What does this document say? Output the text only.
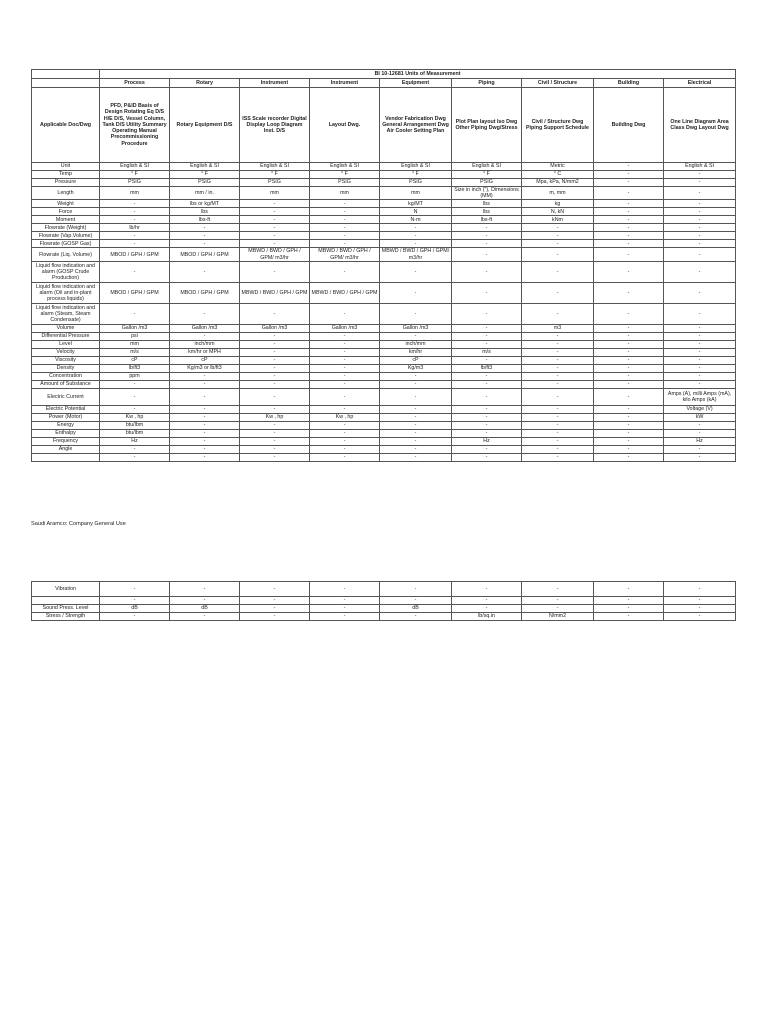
	BI 10-12681 Units of Measurement								
	Process	Rotary	Instrument	Instrument	Equipment	Piping	Civil / Structure	Building	Electrical
Applicable Doc/Dwg	PFD, P&ID Basis of Design Rotating Eq D/S H/E D/S, Vessel Column, Tank D/S Utility Summary Operating Manual Precommissioning Procedure	Rotary Equipment D/S	ISS Scale recorder Digital Display Loop Diagram Inst. D/S	Layout Dwg.	Vendor Fabrication Dwg General Arrangement Dwg Air Cooler Setting Plan	Plot Plan layout Iso Dwg Other Piping Dwg/Stress	Civil / Structure Dwg Piping Support Schedule	Building Dwg	One Line Diagram Area Class Dwg Layout Dwg
Unit	English & SI	English & SI	English & SI	English & SI	English & SI	English & SI	Metric	-	English & SI
Temp	° F	° F	° F	° F	° F	° F	° C	-	-
Pressure	PSIG	PSIG	PSIG	PSIG	PSIG	PSIG	Mpa, kPa, N/mm2	-	-
Length	mm	mm / in.	mm	mm	mm	Size in inch ("), Dimensions (MM)	m, mm	-	-
Weight	-	lbs or kg/MT	-	-	kg/MT	lbs	kg	-	-
Force	-	lbs	-	-	N	lbs	N, kN	-	-
Moment	-	lbs-ft	-	-	N-m	lbs-ft	kNm	-	-
Flowrate (Weight)	lb/hr	-	-	-	-	-	-	-	-
Flowrate (Vap.Volume)	-	-	-	-	-	-	-	-	-
Flowrate (GOSP Gas)	-	-	-	-	-	-	-	-	-
Flowrate (Liq. Volume)	MBOD / GPH / GPM	MBOD / GPH / GPM	MBWD / BWD / GPH / GPM/ m3/hr	MBWD / BWD / GPH / GPM/ m3/hr	MBWD / BWD / GPH / GPM/ m3/hr	-	-	-	-
Liquid flow indication and alarm (GOSP Crude Production)	-	-	-	-	-	-	-	-	-
Liquid flow indication and alarm (Oil and in-plant process liquids)	MBOD / GPH / GPM	MBOD / GPH / GPM	MBWD / BWD / GPH / GPM	MBWD / BWD / GPH / GPM	-	-	-	-	-
Liquid flow indication and alarm (Steam, Steam Condensate)	-	-	-	-	-	-	-	-	-
Volume	Gallon /m3	Gallon /m3	Gallon /m3	Gallon /m3	Gallon /m3	-	m3	-	-
Differential Pressure	psi	-	-	-	-	-	-	-	-
Level	mm	inch/mm	-	-	inch/mm	-	-	-	-
Velocity	m/s	km/hr or MPH	-	-	km/hr	m/s	-	-	-
Viscosity	cP	cP	-	-	cP	-	-	-	-
Density	lb/ft3	Kg/m3 or lb/ft3	-	-	Kg/m3	lb/ft3	-	-	-
Concentration	ppm	-	-	-	-	-	-	-	-
Amount of Substance	-	-	-	-	-	-	-	-	-
Electric Current	-	-	-	-	-	-	-	-	Amps (A), milli Amps (mA), kilo Amps (kA)
Electric Potential	-	-	-	-	-	-	-	-	Voltage (V)
Power (Motor)	Kw , hp	-	Kw , hp	Kw , hp	-	-	-	-	kW
Energy	btu/lbm	-	-	-	-	-	-	-	-
Enthalpy	btu/lbm	-	-	-	-	-	-	-	-
Frequency	Hz	-	-	-	-	Hz	-	-	Hz
Angle	-	-	-	-	-	-	-	-	-
	-	-	-	-	-	-	-	-	-
Saudi Aramco: Company General Use
Vibration	-	-	-	-	-	-	-	-	-
	-	-	-	-	-	-	-	-	-
Sound Press. Level	dB	dB	-	-	dB	-	-	-	-
Stress / Strength	-	-	-	-	-	lb/sq.in	N/mm2	-	-
